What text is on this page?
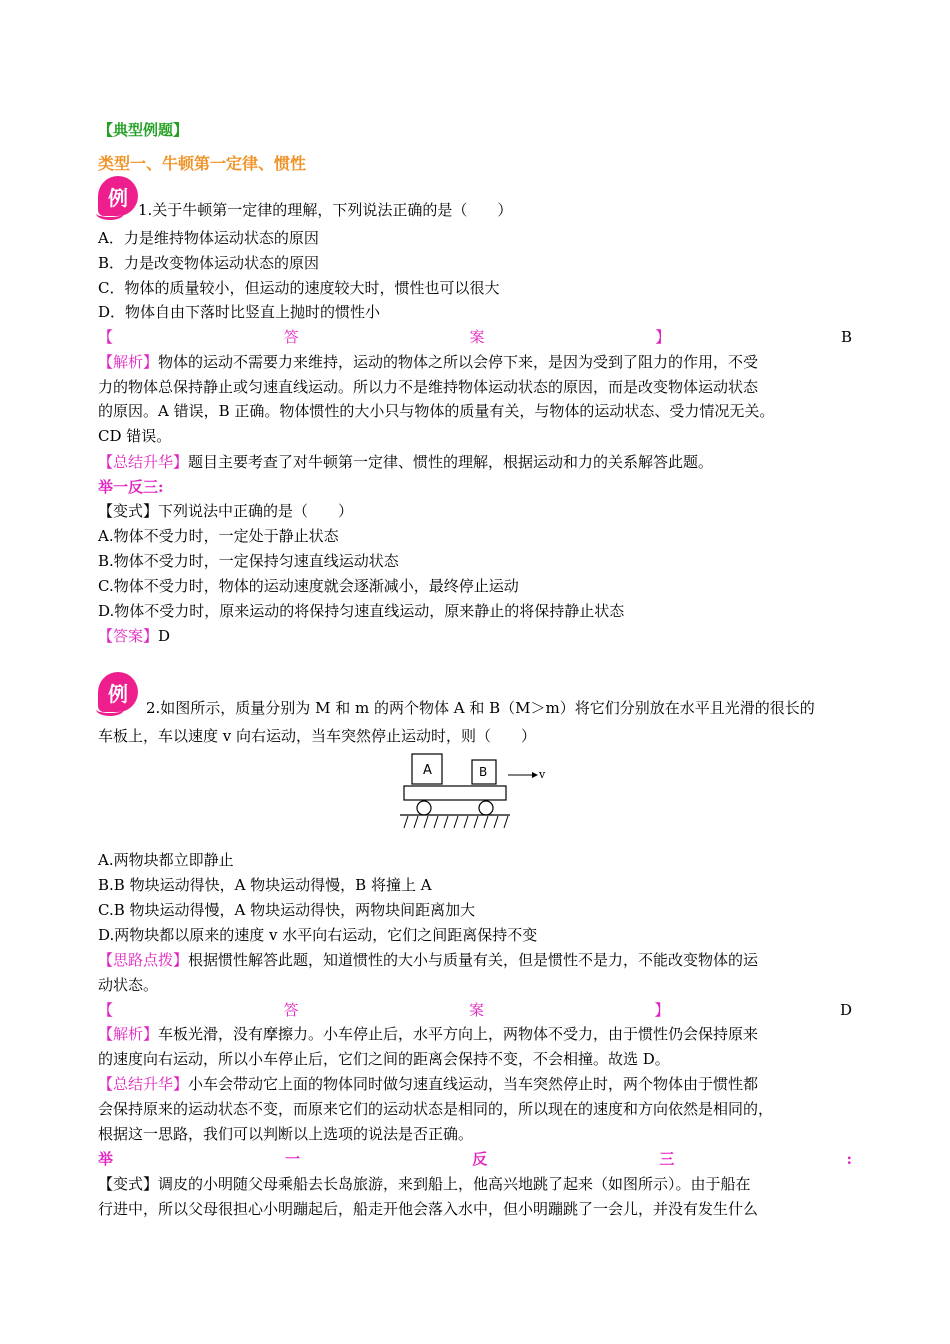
【典型例题】
类型一、牛顿第一定律、惯性
例
1.关于牛顿第一定律的理解，下列说法正确的是（　　）
A．力是维持物体运动状态的原因
B．力是改变物体运动状态的原因
C．物体的质量较小，但运动的速度较大时，惯性也可以很大
D．物体自由下落时比竖直上抛时的惯性小
【	答	案	】	B
【解析】物体的运动不需要力来维持，运动的物体之所以会停下来，是因为受到了阻力的作用，不受
力的物体总保持静止或匀速直线运动。所以力不是维持物体运动状态的原因，而是改变物体运动状态
的原因。A 错误，B 正确。物体惯性的大小只与物体的质量有关，与物体的运动状态、受力情况无关。
CD 错误。
【总结升华】题目主要考查了对牛顿第一定律、惯性的理解，根据运动和力的关系解答此题。
举一反三:
【变式】下列说法中正确的是（　　）
A.物体不受力时，一定处于静止状态
B.物体不受力时，一定保持匀速直线运动状态
C.物体不受力时，物体的运动速度就会逐渐减小，最终停止运动
D.物体不受力时，原来运动的将保持匀速直线运动，原来静止的将保持静止状态
【答案】D
例
2.如图所示，质量分别为 M 和 m 的两个物体 A 和 B（M＞m）将它们分别放在水平且光滑的很长的
车板上，车以速度 v 向右运动，当车突然停止运动时，则（　　）
A	B	v
A.两物块都立即静止
B.B 物块运动得快，A 物块运动得慢，B 将撞上 A
C.B 物块运动得慢，A 物块运动得快，两物块间距离加大
D.两物块都以原来的速度 v 水平向右运动，它们之间距离保持不变
【思路点拨】根据惯性解答此题，知道惯性的大小与质量有关，但是惯性不是力，不能改变物体的运
动状态。
【	答	案	】	D
【解析】车板光滑，没有摩擦力。小车停止后，水平方向上，两物体不受力，由于惯性仍会保持原来
的速度向右运动，所以小车停止后，它们之间的距离会保持不变，不会相撞。故选 D。
【总结升华】小车会带动它上面的物体同时做匀速直线运动，当车突然停止时，两个物体由于惯性都
会保持原来的运动状态不变，而原来它们的运动状态是相同的，所以现在的速度和方向依然是相同的，
根据这一思路，我们可以判断以上选项的说法是否正确。
举	一	反	三	:
【变式】调皮的小明随父母乘船去长岛旅游，来到船上，他高兴地跳了起来（如图所示）。由于船在
行进中，所以父母很担心小明蹦起后，船走开他会落入水中，但小明蹦跳了一会儿，并没有发生什么
